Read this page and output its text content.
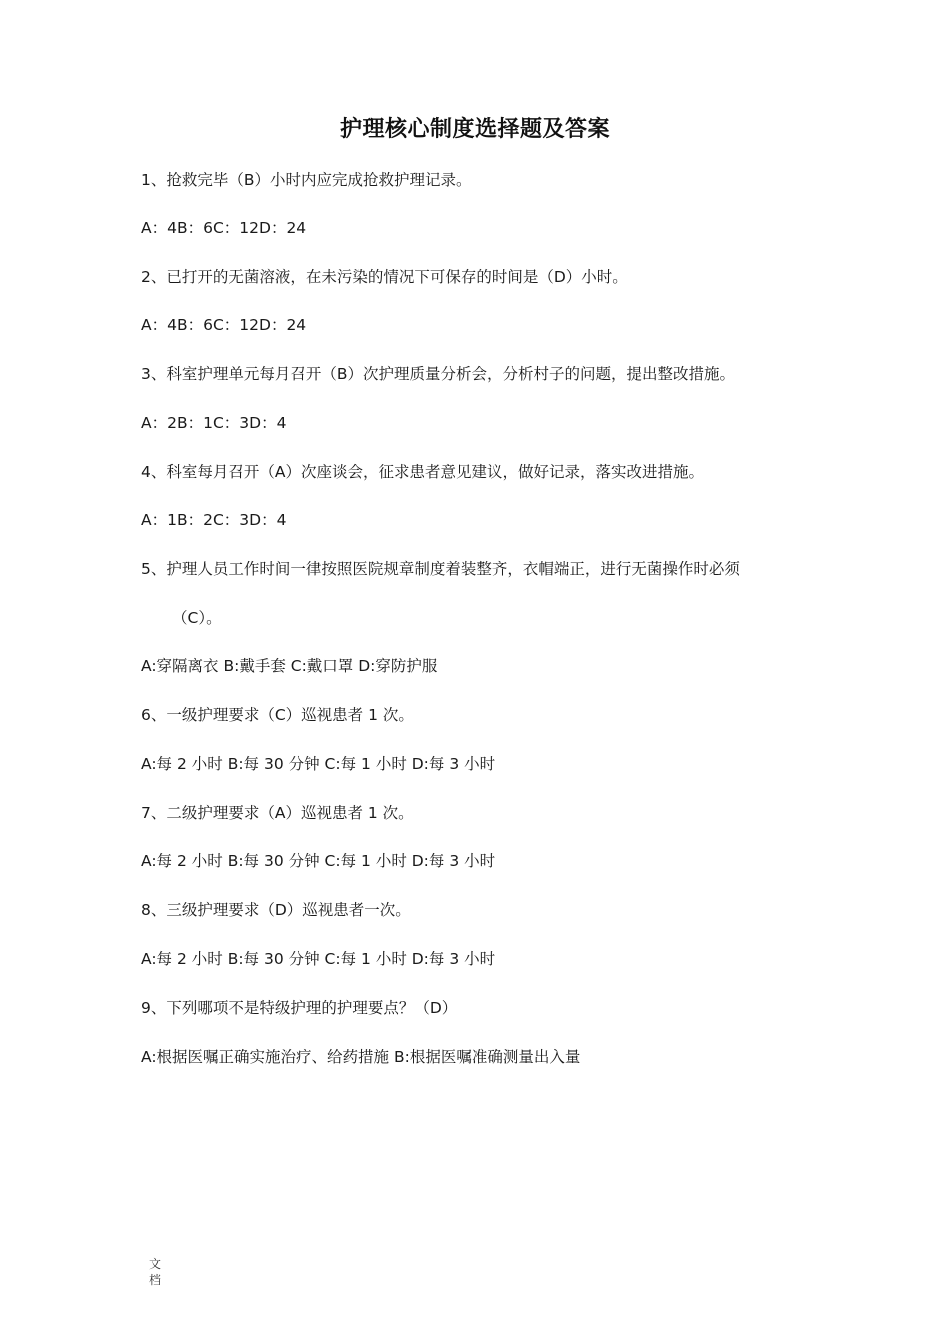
护理核心制度选择题及答案
1、抢救完毕（B）小时内应完成抢救护理记录。
A：4B：6C：12D：24
2、已打开的无菌溶液，在未污染的情况下可保存的时间是（D）小时。
A：4B：6C：12D：24
3、科室护理单元每月召开（B）次护理质量分析会，分析村子的问题，提出整改措施。
A：2B：1C：3D：4
4、科室每月召开（A）次座谈会，征求患者意见建议，做好记录，落实改进措施。
A：1B：2C：3D：4
5、护理人员工作时间一律按照医院规章制度着装整齐，衣帽端正，进行无菌操作时必须
（C）。
A:穿隔离衣 B:戴手套 C:戴口罩 D:穿防护服
6、一级护理要求（C）巡视患者 1 次。
A:每 2 小时 B:每 30 分钟 C:每 1 小时 D:每 3 小时
7、二级护理要求（A）巡视患者 1 次。
A:每 2 小时 B:每 30 分钟 C:每 1 小时 D:每 3 小时
8、三级护理要求（D）巡视患者一次。
A:每 2 小时 B:每 30 分钟 C:每 1 小时 D:每 3 小时
9、下列哪项不是特级护理的护理要点？（D）
A:根据医嘱正确实施治疗、给药措施 B:根据医嘱准确测量出入量
文档
